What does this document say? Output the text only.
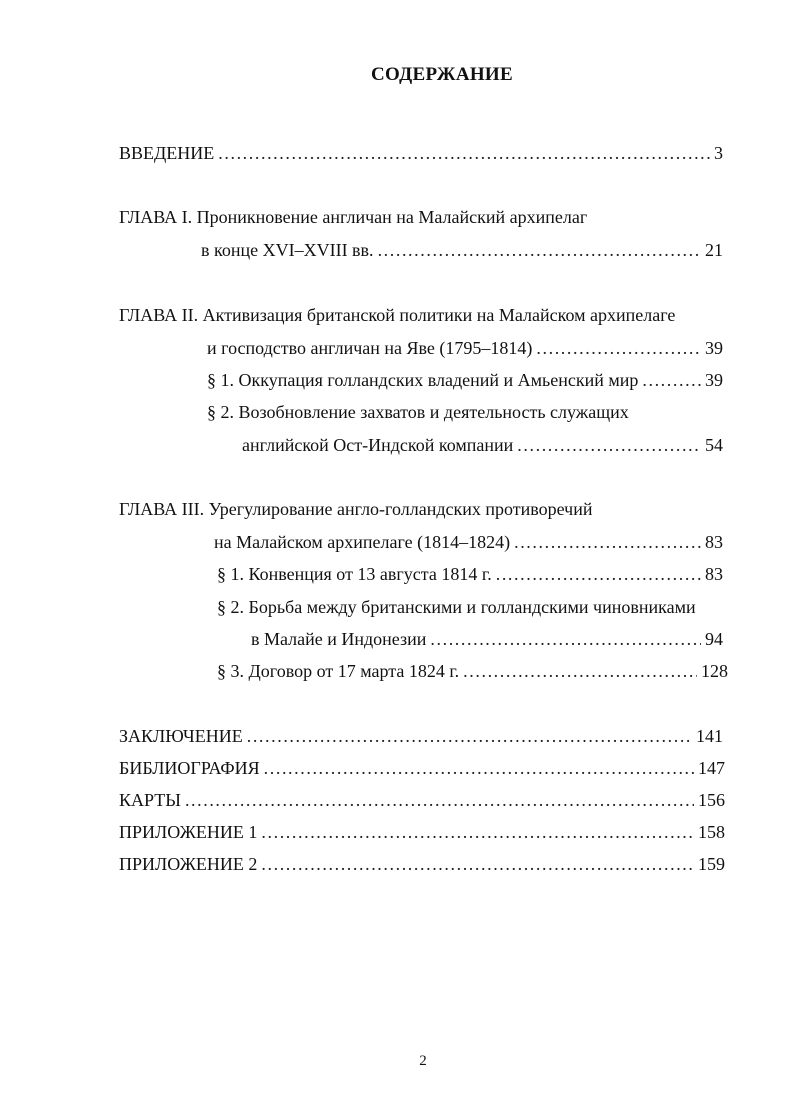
СОДЕРЖАНИЕ
ВВЕДЕНИЕ .....	3
ГЛАВА I. Проникновение англичан на Малайский архипелаг
в конце XVI–XVIII вв. .....	21
ГЛАВА II. Активизация британской политики на Малайском архипелаге
и господство англичан на Яве (1795–1814) .....	39
§ 1. Оккупация голландских владений и Амьенский мир .....	39
§ 2. Возобновление захватов и деятельность служащих
английской Ост-Индской компании .....	54
ГЛАВА III. Урегулирование англо-голландских противоречий
на Малайском архипелаге (1814–1824) .....	83
§ 1. Конвенция от 13 августа 1814 г. .....	83
§ 2. Борьба между британскими и голландскими чиновниками
в Малайе и Индонезии .....	94
§ 3. Договор от 17 марта 1824 г. .....	128
ЗАКЛЮЧЕНИЕ .....	141
БИБЛИОГРАФИЯ .....	147
КАРТЫ .....	156
ПРИЛОЖЕНИЕ 1 .....	158
ПРИЛОЖЕНИЕ 2 .....	159
2
